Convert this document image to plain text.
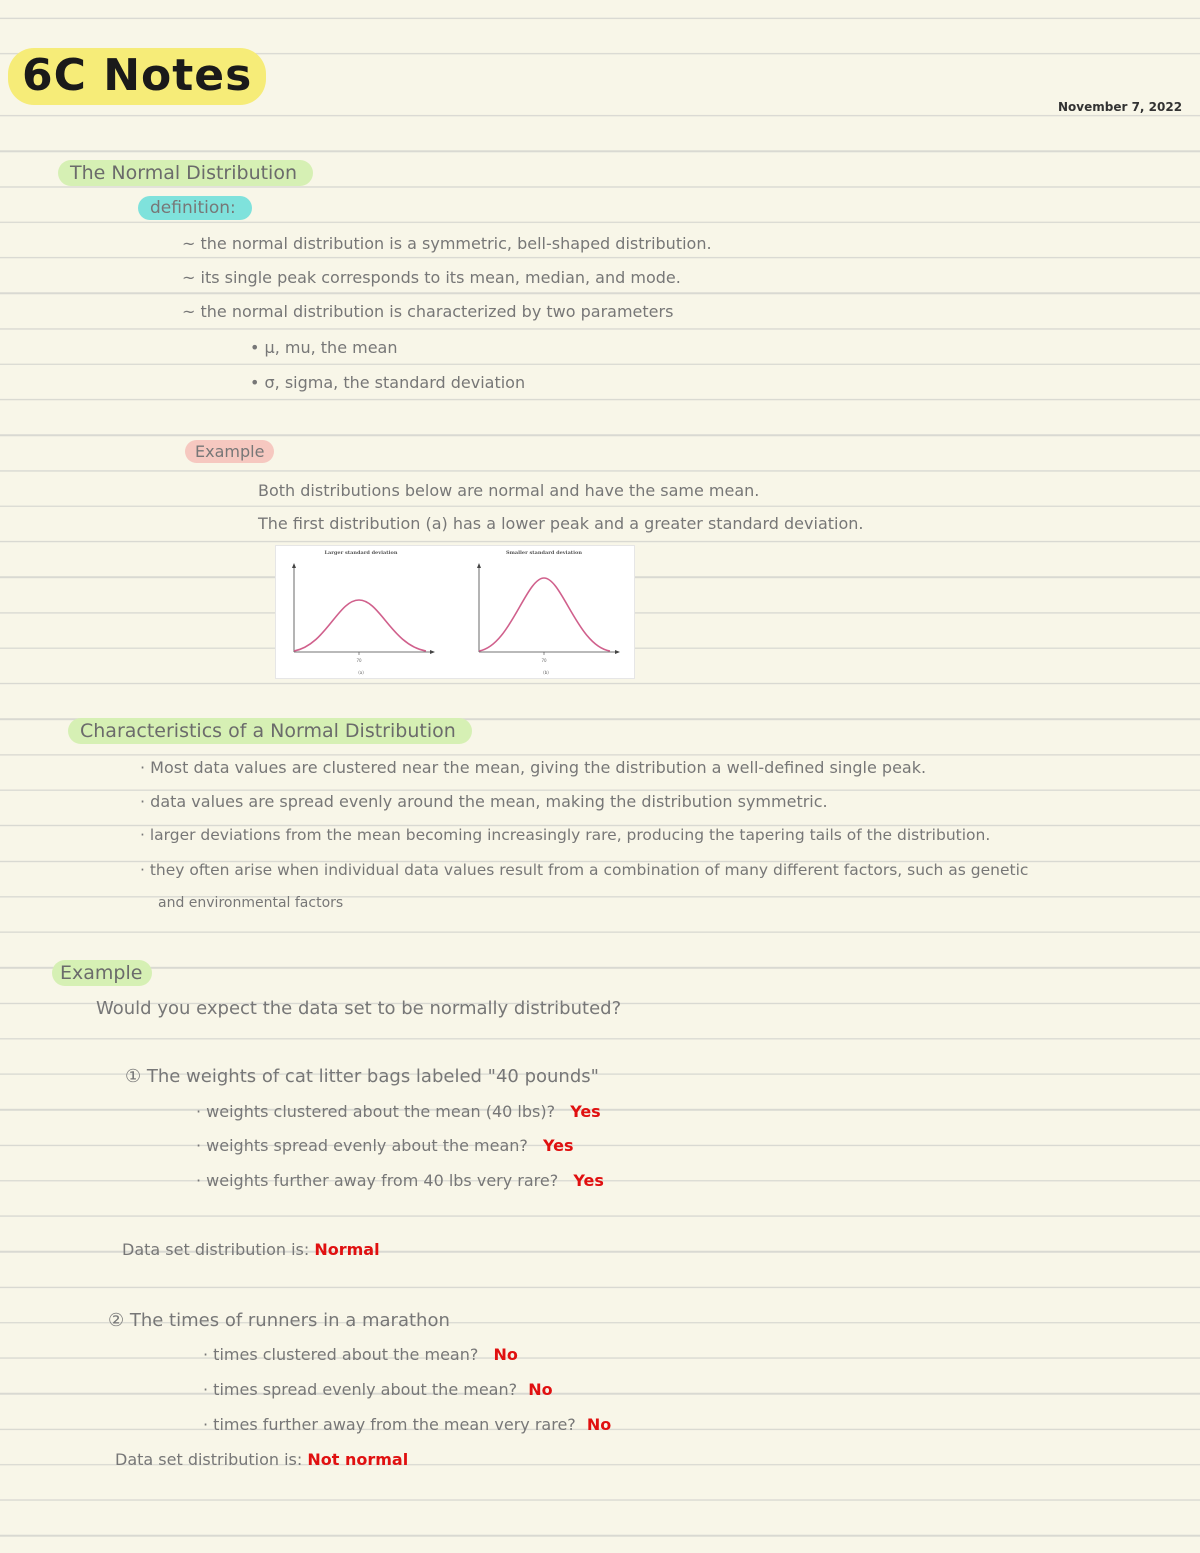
6C Notes
November 7, 2022
The Normal Distribution
definition:
~ the normal distribution is a symmetric, bell-shaped distribution.
~ its single peak corresponds to its mean, median, and mode.
~ the normal distribution is characterized by two parameters
• μ, mu, the mean
• σ, sigma, the standard deviation
Example
Both distributions below are normal and have the same mean.
The first distribution (a) has a lower peak and a greater standard deviation.
Larger standard deviation	Smaller standard deviation
70
(a)
70
(b)
Characteristics of a Normal Distribution
· Most data values are clustered near the mean, giving the distribution a well-defined single peak.
· data values are spread evenly around the mean, making the distribution symmetric.
· larger deviations from the mean becoming increasingly rare, producing the tapering tails of the distribution.
· they often arise when individual data values result from a combination of many different factors, such as genetic
and environmental factors
Example
Would you expect the data set to be normally distributed?
① The weights of cat litter bags labeled "40 pounds"
· weights clustered about the mean (40 lbs)? Yes
· weights spread evenly about the mean? Yes
· weights further away from 40 lbs very rare? Yes
Data set distribution is: Normal
② The times of runners in a marathon
· times clustered about the mean? No
· times spread evenly about the mean? No
· times further away from the mean very rare? No
Data set distribution is: Not normal
